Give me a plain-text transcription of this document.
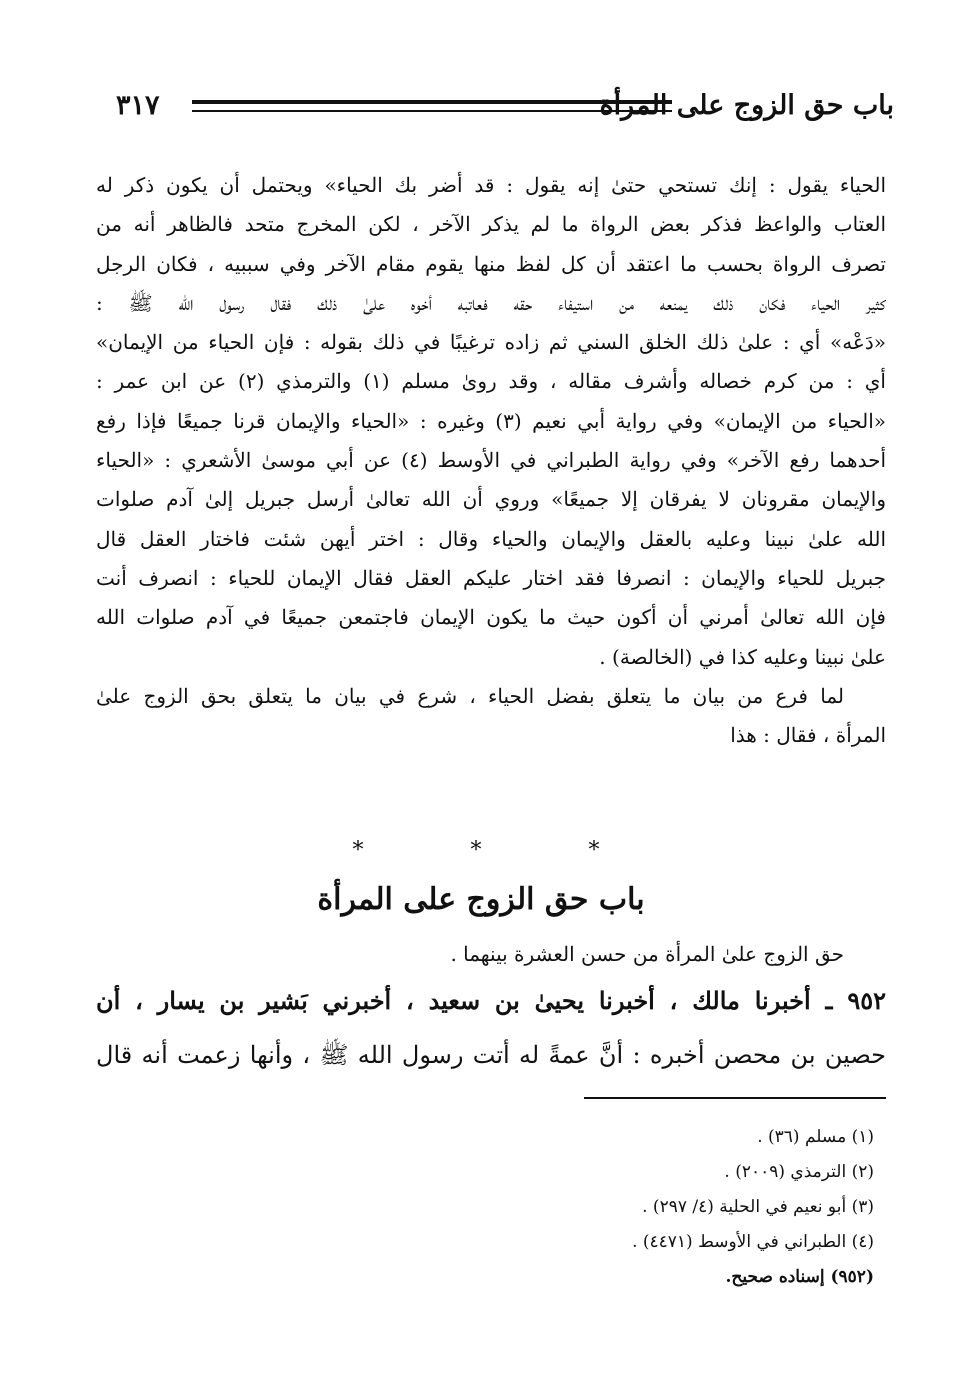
باب حق الزوج على المرأة
٣١٧
الحياء يقول : إنك تستحي حتىٰ إنه يقول : قد أضر بك الحياء» ويحتمل أن يكون ذكر له
العتاب والواعظ فذكر بعض الرواة ما لم يذكر الآخر ، لكن المخرج متحد فالظاهر أنه من
تصرف الرواة بحسب ما اعتقد أن كل لفظ منها يقوم مقام الآخر وفي سببيه ، فكان الرجل
كثير الحياء فكان ذلك يمنعه من استيفاء حقه فعاتبه أخوه علىٰ ذلك فقال رسول الله ﷺ :
«دَعْه» أي : علىٰ ذلك الخلق السني ثم زاده ترغيبًا في ذلك بقوله : فإن الحياء من الإيمان»
أي : من كرم خصاله وأشرف مقاله ، وقد روىٰ مسلم (١) والترمذي (٢) عن ابن عمر :
«الحياء من الإيمان» وفي رواية أبي نعيم (٣) وغيره : «الحياء والإيمان قرنا جميعًا فإذا رفع
أحدهما رفع الآخر» وفي رواية الطبراني في الأوسط (٤) عن أبي موسىٰ الأشعري : «الحياء
والإيمان مقرونان لا يفرقان إلا جميعًا» وروي أن الله تعالىٰ أرسل جبريل إلىٰ آدم صلوات
الله علىٰ نبينا وعليه بالعقل والإيمان والحياء وقال : اختر أيهن شئت فاختار العقل قال
جبريل للحياء والإيمان : انصرفا فقد اختار عليكم العقل فقال الإيمان للحياء : انصرف أنت
فإن الله تعالىٰ أمرني أن أكون حيث ما يكون الإيمان فاجتمعن جميعًا في آدم صلوات الله
علىٰ نبينا وعليه كذا في (الخالصة) .
لما فرع من بيان ما يتعلق بفضل الحياء ، شرع في بيان ما يتعلق بحق الزوج علىٰ
المرأة ، فقال : هذا
* * *
باب حق الزوج على المرأة
حق الزوج علىٰ المرأة من حسن العشرة بينهما .
٩٥٢ ـ أخبرنا مالك ، أخبرنا يحيىٰ بن سعيد ، أخبرني بَشير بن يسار ، أن
حصين بن محصن أخبره : أنَّ عمةً له أتت رسول الله ﷺ ، وأنها زعمت أنه قال
(١) مسلم (٣٦) .
(٢) الترمذي (٢٠٠٩) .
(٣) أبو نعيم في الحلية (٤/ ٢٩٧) .
(٤) الطبراني في الأوسط (٤٤٧١) .
(٩٥٢) إسناده صحيح.
